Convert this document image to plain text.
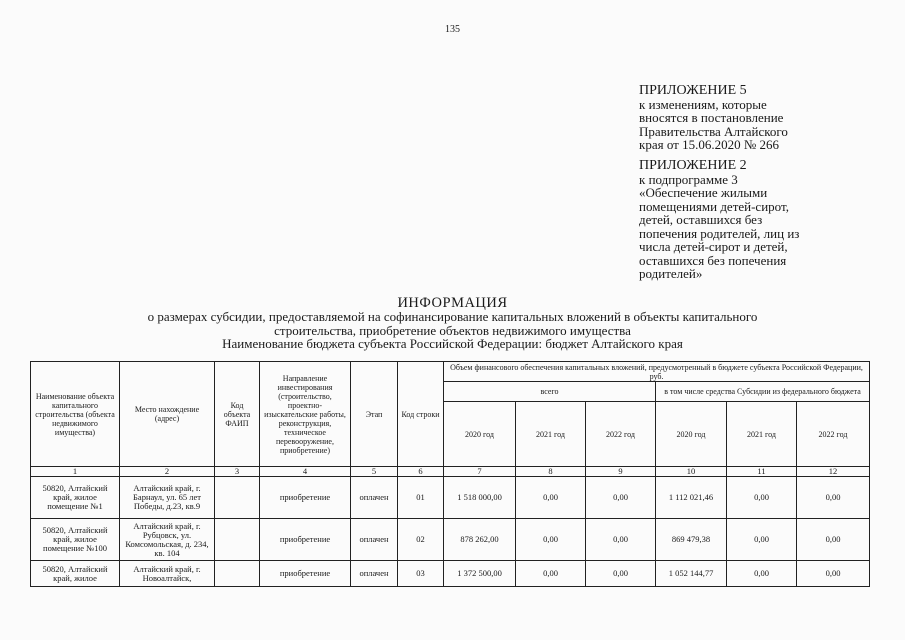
135
ПРИЛОЖЕНИЕ 5
к изменениям, которые
вносятся в постановление
Правительства Алтайского
края от 15.06.2020 № 266
ПРИЛОЖЕНИЕ 2
к подпрограмме 3
«Обеспечение жилыми
помещениями детей-сирот,
детей, оставшихся без
попечения родителей, лиц из
числа детей-сирот и детей,
оставшихся без попечения
родителей»
ИНФОРМАЦИЯ
о размерах субсидии, предоставляемой на софинансирование капитальных вложений в объекты капитального
строительства, приобретение объектов недвижимого имущества
Наименование бюджета субъекта Российской Федерации: бюджет Алтайского края
Наименование объекта капитального строительства (объекта недвижимого имущества)	Место нахождение (адрес)	Код объекта ФАИП	Направление инвестирования (строительство, проектно-изыскательские работы, реконструкция, техническое перевооружение, приобретение)	Этап	Код строки	Объем финансового обеспечения капитальных вложений, предусмотренный в бюджете субъекта Российской Федерации, руб.					
						всего			в том числе средства Субсидии из федерального бюджета		
						2020 год	2021 год	2022 год	2020 год	2021 год	2022 год
1	2	3	4	5	6	7	8	9	10	11	12
50820, Алтайский край, жилое помещение №1	Алтайский край, г. Барнаул, ул. 65 лет Победы, д.23, кв.9		приобретение	оплачен	01	1 518 000,00	0,00	0,00	1 112 021,46	0,00	0,00
50820, Алтайский край, жилое помещение №100	Алтайский край, г. Рубцовск, ул. Комсомольская, д. 234, кв. 104		приобретение	оплачен	02	878 262,00	0,00	0,00	869 479,38	0,00	0,00
50820, Алтайский край, жилое	Алтайский край, г. Новоалтайск,		приобретение	оплачен	03	1 372 500,00	0,00	0,00	1 052 144,77	0,00	0,00
